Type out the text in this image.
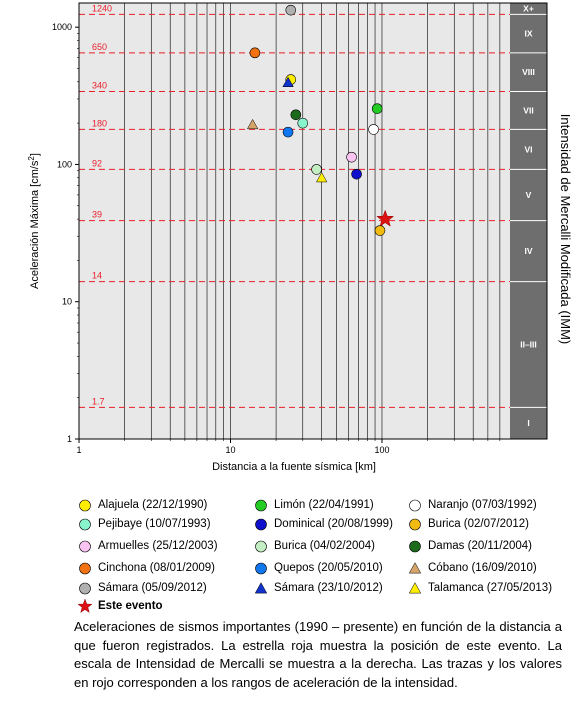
X+
IX
VIII
VII
VI
V
IV
II–III
I
1240
650
340
180
92
39
14
1.7
1	10	100
1
10
100
1000
Distancia a la fuente sísmica [km]
Aceleración Máxima $[cm/s^2]$	Intensidad de Mercalli Modificada (IMM)
Alajuela (22/12/1990)	Limón (22/04/1991)	Naranjo (07/03/1992)
Pejibaye (10/07/1993)	Dominical (20/08/1999)	Burica (02/07/2012)
Armuelles (25/12/2003)	Burica (04/02/2004)	Damas (20/11/2004)
Cinchona (08/01/2009)	Quepos (20/05/2010)	Cóbano (16/09/2010)
Sámara (05/09/2012)	Sámara (23/10/2012)	Talamanca (27/05/2013)
Este evento
Aceleraciones de sismos importantes (1990 – presente) en función de la distancia a que fueron registrados. La estrella roja muestra la posición de este evento. La escala de Intensidad de Mercalli se muestra a la derecha. Las trazas y los valores en rojo corresponden a los rangos de aceleración de la intensidad.
